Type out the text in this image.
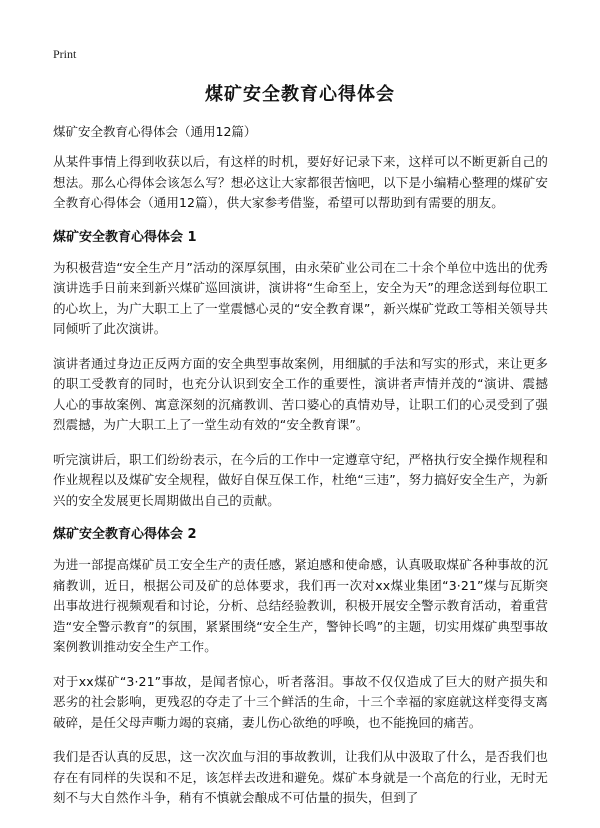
Print
煤矿安全教育心得体会

煤矿安全教育心得体会（通用12篇）

从某件事情上得到收获以后，有这样的时机，要好好记录下来，这样可以不断更新自己的想法。那么心得体会该怎么写？想必这让大家都很苦恼吧，以下是小编精心整理的煤矿安全教育心得体会（通用12篇），供大家参考借鉴，希望可以帮助到有需要的朋友。

煤矿安全教育心得体会 1

为积极营造“安全生产月”活动的深厚氛围，由永荣矿业公司在二十余个单位中选出的优秀演讲选手日前来到新兴煤矿巡回演讲，演讲将“生命至上，安全为天”的理念送到每位职工的心坎上，为广大职工上了一堂震憾心灵的“安全教育课”，新兴煤矿党政工等相关领导共同倾听了此次演讲。

演讲者通过身边正反两方面的安全典型事故案例，用细腻的手法和写实的形式，来让更多的职工受教育的同时，也充分认识到安全工作的重要性，演讲者声情并茂的“演讲、震撼人心的事故案例、寓意深刻的沉痛教训、苦口婆心的真情劝导，让职工们的心灵受到了强烈震撼，为广大职工上了一堂生动有效的“安全教育课”。

听完演讲后，职工们纷纷表示，在今后的工作中一定遵章守纪，严格执行安全操作规程和作业规程以及煤矿安全规程，做好自保互保工作，杜绝“三违”，努力搞好安全生产，为新兴的安全发展更长周期做出自己的贡献。

煤矿安全教育心得体会 2

为进一部提高煤矿员工安全生产的责任感，紧迫感和使命感，认真吸取煤矿各种事故的沉痛教训，近日，根据公司及矿的总体要求，我们再一次对xx煤业集团“3·21”煤与瓦斯突出事故进行视频观看和讨论，分析、总结经验教训，积极开展安全警示教育活动，着重营造“安全警示教育”的氛围，紧紧围绕“安全生产，警钟长鸣”的主题，切实用煤矿典型事故案例教训推动安全生产工作。

对于xx煤矿“3·21”事故，是闻者惊心，听者落泪。事故不仅仅造成了巨大的财产损失和恶劣的社会影响，更残忍的夺走了十三个鲜活的生命，十三个幸福的家庭就这样变得支离破碎，是任父母声嘶力竭的哀痛，妻儿伤心欲绝的呼唤，也不能挽回的痛苦。

我们是否认真的反思，这一次次血与泪的事故教训，让我们从中汲取了什么，是否我们也存在有同样的失误和不足，该怎样去改进和避免。煤矿本身就是一个高危的行业，无时无刻不与大自然作斗争，稍有不慎就会酿成不可估量的损失，但到了
